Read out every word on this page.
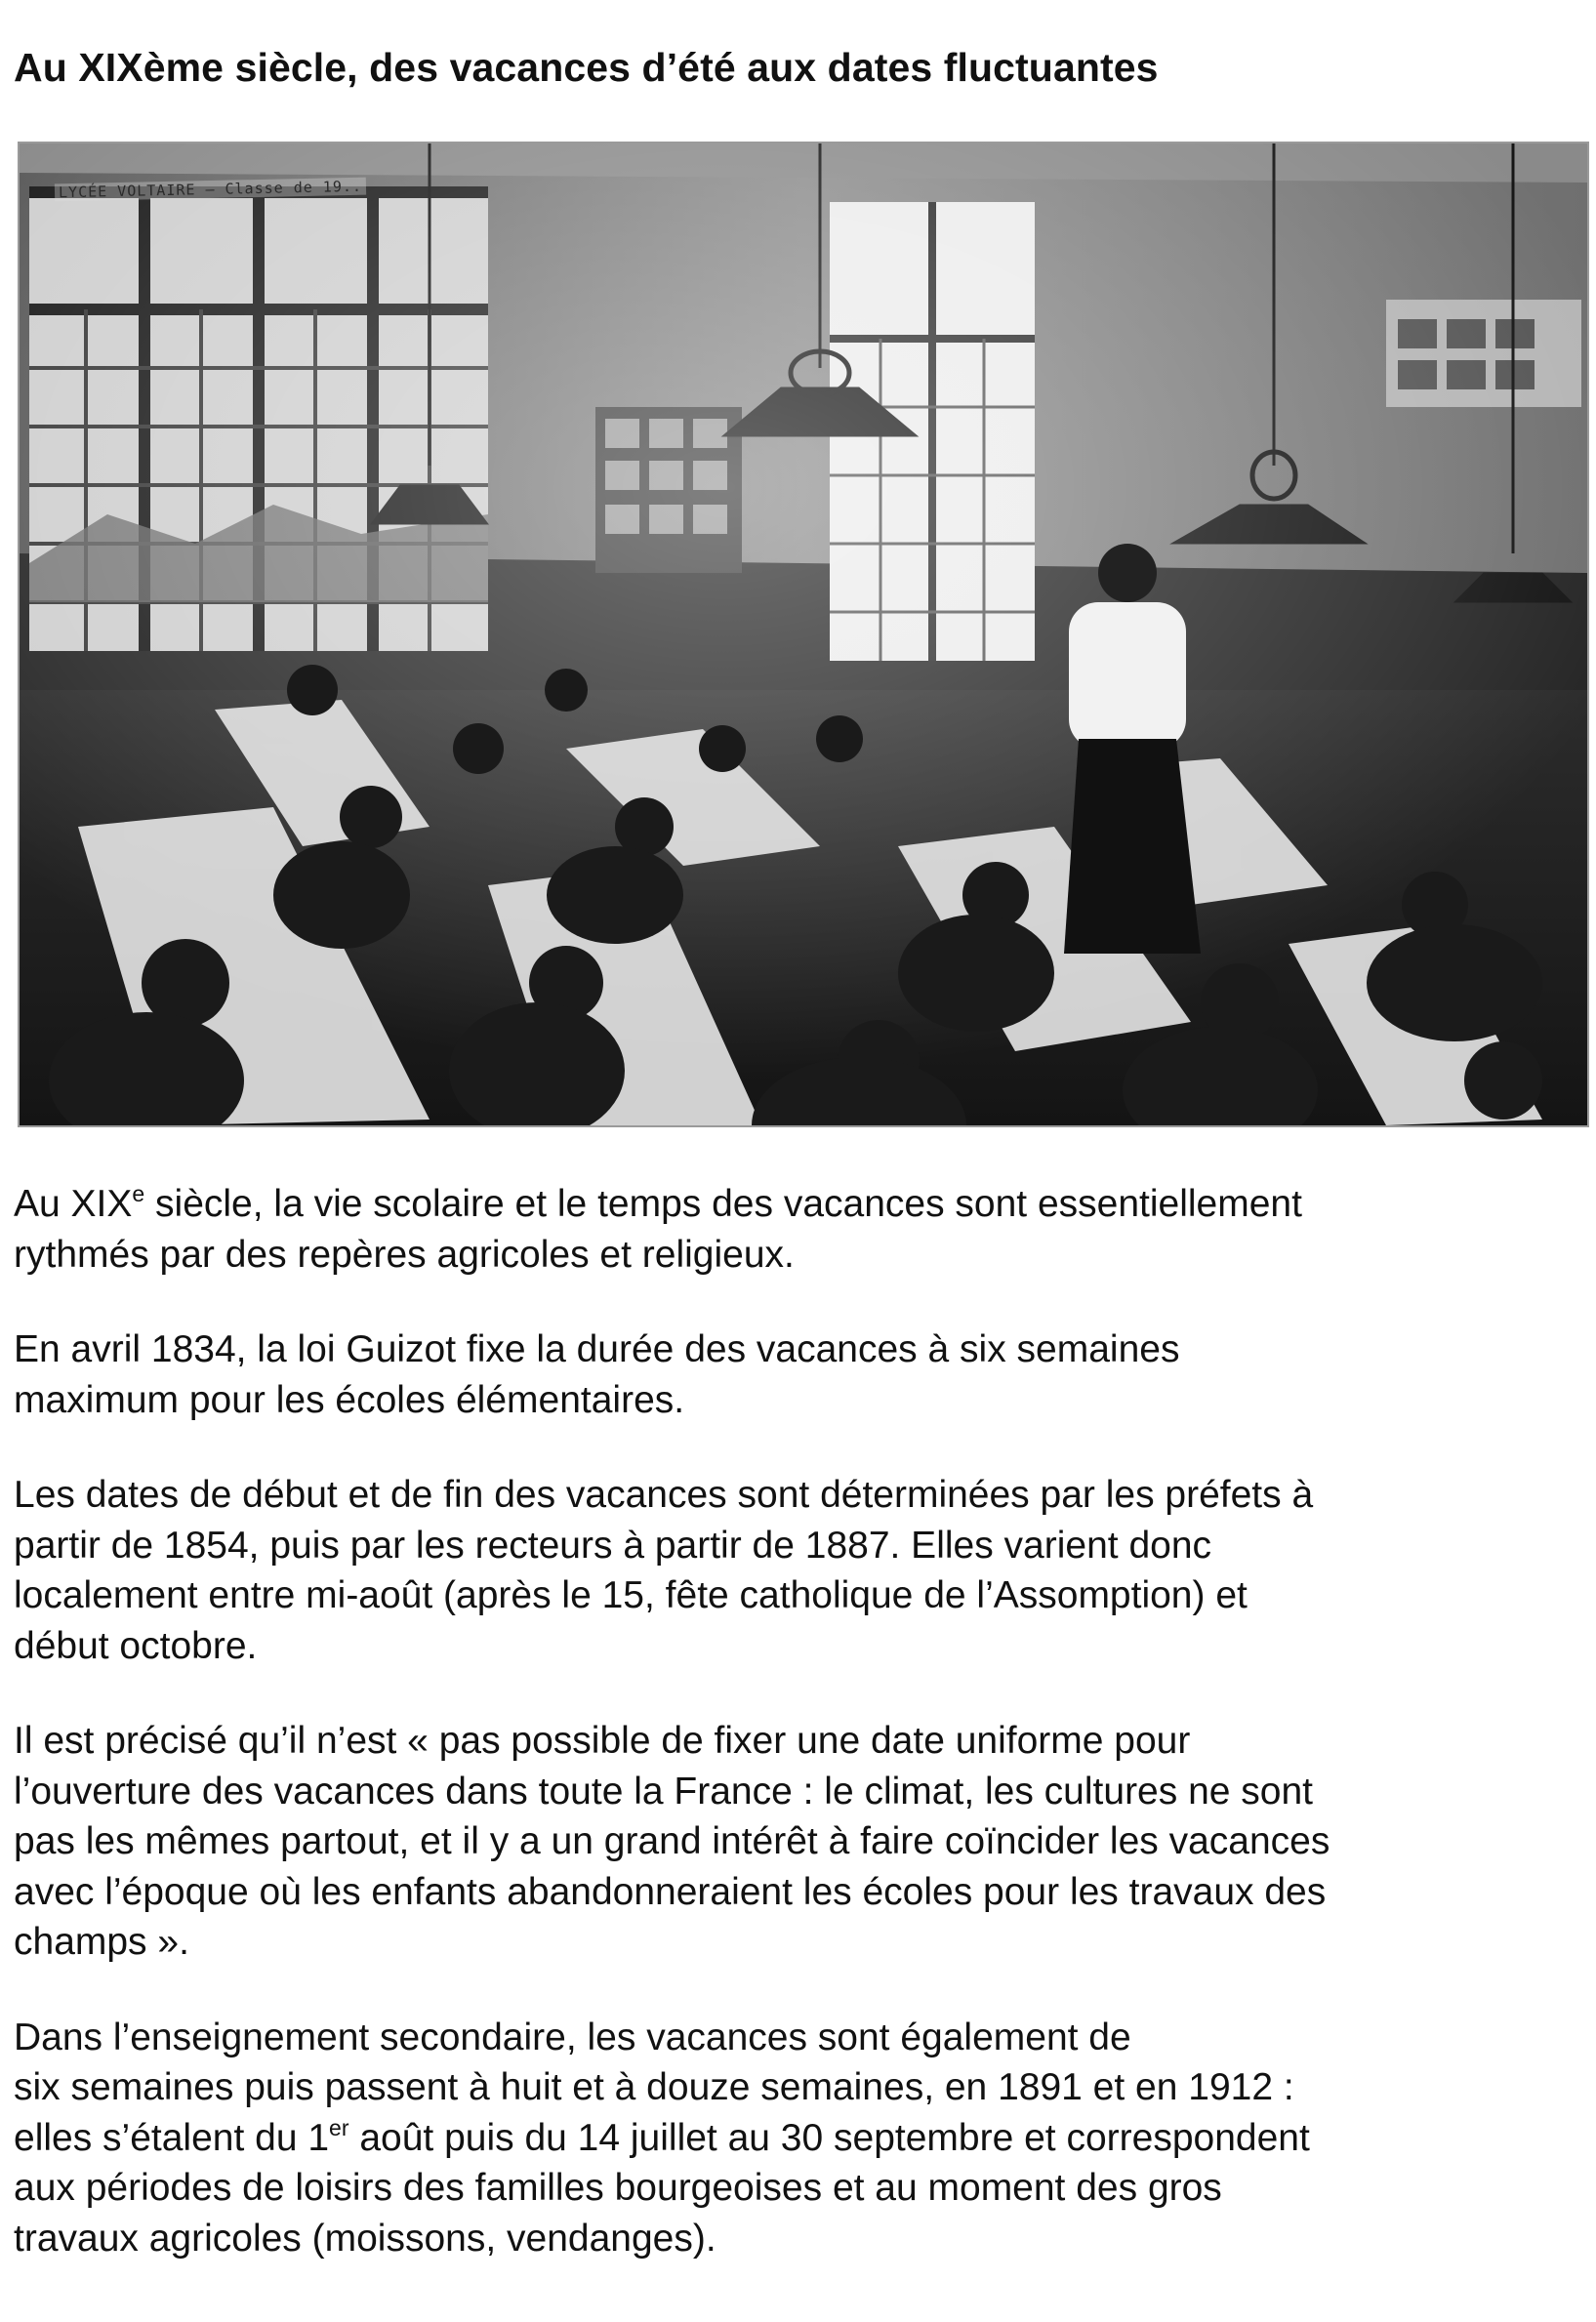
Au XIXème siècle, des vacances d’été aux dates fluctuantes
LYCÉE VOLTAIRE — Classe de 19..

Au XIXe siècle, la vie scolaire et le temps des vacances sont essentiellement
rythmés par des repères agricoles et religieux.

En avril 1834, la loi Guizot fixe la durée des vacances à six semaines
maximum pour les écoles élémentaires.

Les dates de début et de fin des vacances sont déterminées par les préfets à
partir de 1854, puis par les recteurs à partir de 1887. Elles varient donc
localement entre mi-août (après le 15, fête catholique de l’Assomption) et
début octobre.

Il est précisé qu’il n’est « pas possible de fixer une date uniforme pour
l’ouverture des vacances dans toute la France : le climat, les cultures ne sont
pas les mêmes partout, et il y a un grand intérêt à faire coïncider les vacances
avec l’époque où les enfants abandonneraient les écoles pour les travaux des
champs ».

Dans l’enseignement secondaire, les vacances sont également de
six semaines puis passent à huit et à douze semaines, en 1891 et en 1912 :
elles s’étalent du 1er août puis du 14 juillet au 30 septembre et correspondent
aux périodes de loisirs des familles bourgeoises et au moment des gros
travaux agricoles (moissons, vendanges).
